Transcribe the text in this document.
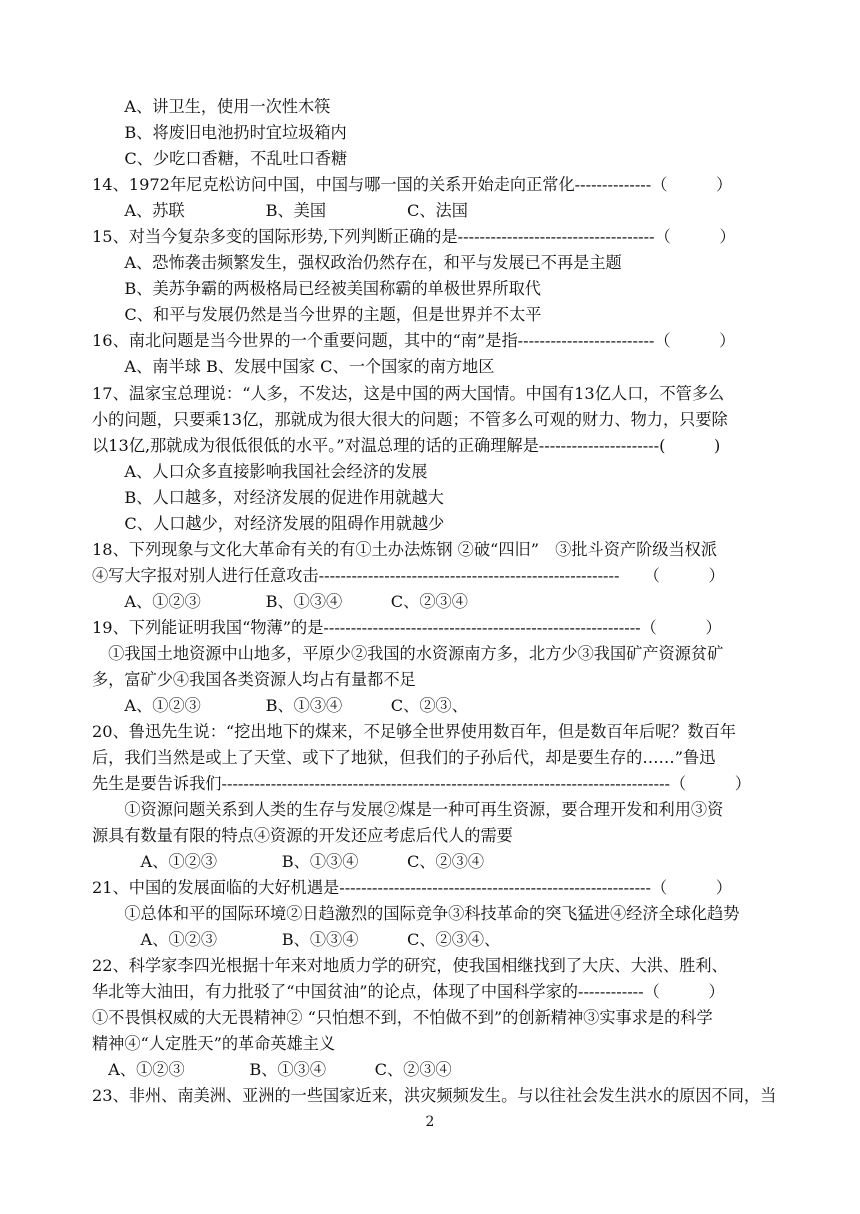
　　A、讲卫生，使用一次性木筷
　　B、将废旧电池扔时宜垃圾箱内
　　C、少吃口香糖，不乱吐口香糖
14、1972年尼克松访问中国，中国与哪一国的关系开始走向正常化--------------（　　　）
　　A、苏联　　　　　B、美国　　　　　C、法国
15、对当今复杂多变的国际形势,下列判断正确的是------------------------------------（　　　）
　　A、恐怖袭击频繁发生，强权政治仍然存在，和平与发展已不再是主题
　　B、美苏争霸的两极格局已经被美国称霸的单极世界所取代
　　C、和平与发展仍然是当今世界的主题，但是世界并不太平
16、南北问题是当今世界的一个重要问题，其中的“南”是指-------------------------（　　　）
　　A、南半球 B、发展中国家 C、一个国家的南方地区
17、温家宝总理说：“人多，不发达，这是中国的两大国情。中国有13亿人口，不管多么
小的问题，只要乘13亿，那就成为很大很大的问题；不管多么可观的财力、物力，只要除
以13亿,那就成为很低很低的水平。”对温总理的话的正确理解是----------------------(　　　)
　　A、人口众多直接影响我国社会经济的发展
　　B、人口越多，对经济发展的促进作用就越大
　　C、人口越少，对经济发展的阻碍作用就越少
18、下列现象与文化大革命有关的有①土办法炼钢 ②破“四旧”　③批斗资产阶级当权派
④写大字报对别人进行任意攻击-------------------------------------------------------　　（　　　）
　　A、①②③　　　　B、①③④　　　C、②③④
19、下列能证明我国“物薄”的是----------------------------------------------------------（　　　）
　①我国土地资源中山地多，平原少②我国的水资源南方多，北方少③我国矿产资源贫矿
多，富矿少④我国各类资源人均占有量都不足
　　A、①②③　　　　B、①③④　　　C、②③、
20、鲁迅先生说：“挖出地下的煤来，不足够全世界使用数百年，但是数百年后呢？数百年
后，我们当然是或上了天堂、或下了地狱，但我们的子孙后代，却是要生存的……”鲁迅
先生是要告诉我们----------------------------------------------------------------------------------（　　　）
　　①资源问题关系到人类的生存与发展②煤是一种可再生资源，要合理开发和利用③资
源具有数量有限的特点④资源的开发还应考虑后代人的需要
　　　A、①②③　　　　B、①③④　　　C、②③④
21、中国的发展面临的大好机遇是---------------------------------------------------------（　　　）
　　①总体和平的国际环境②日趋激烈的国际竞争③科技革命的突飞猛进④经济全球化趋势
　　　A、①②③　　　　B、①③④　　　C、②③④、
22、科学家李四光根据十年来对地质力学的研究，使我国相继找到了大庆、大洪、胜利、
华北等大油田，有力批驳了“中国贫油”的论点，体现了中国科学家的------------（　　　）
①不畏惧权威的大无畏精神② “只怕想不到，不怕做不到”的创新精神③实事求是的科学
精神④“人定胜天”的革命英雄主义
　A、①②③　　　　B、①③④　　　C、②③④
23、非州、南美洲、亚洲的一些国家近来，洪灾频频发生。与以往社会发生洪水的原因不同，当
2
